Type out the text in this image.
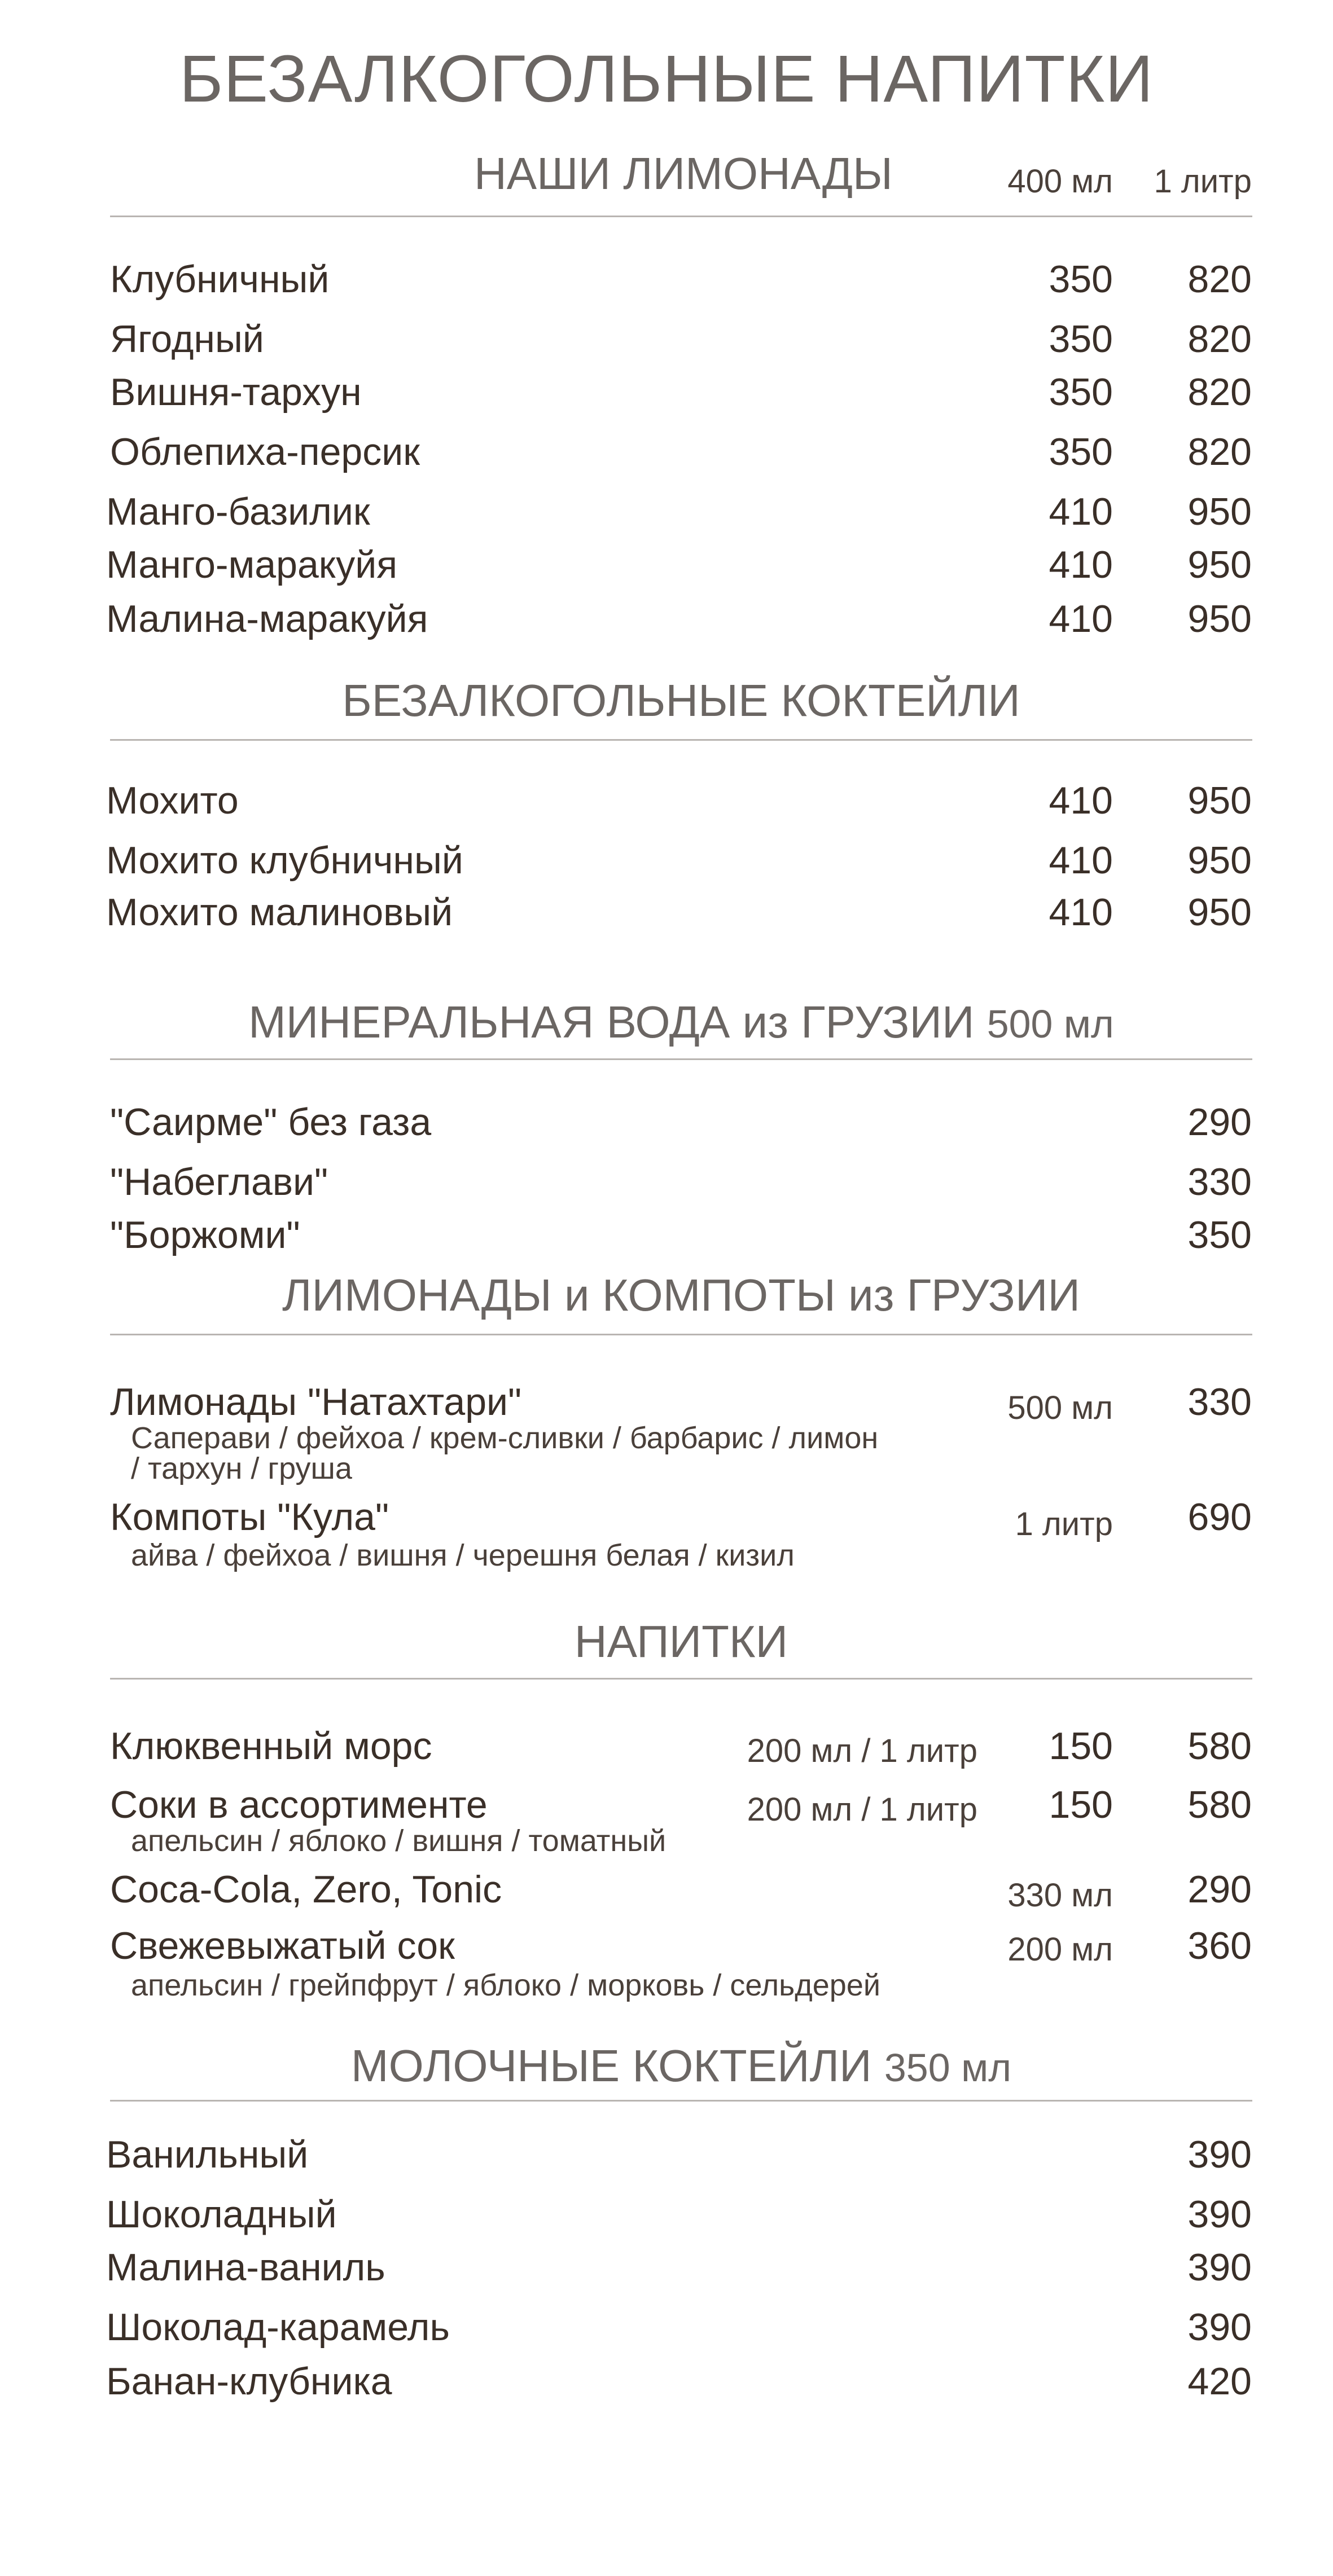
БЕЗАЛКОГОЛЬНЫЕ НАПИТКИ
НАШИ ЛИМОНАДЫ	400 мл	1 литр
Клубничный	350	820
Ягодный	350	820
Вишня-тархун	350	820
Облепиха-персик	350	820
Манго-базилик	410	950
Манго-маракуйя	410	950
Малина-маракуйя	410	950
БЕЗАЛКОГОЛЬНЫЕ КОКТЕЙЛИ
Мохито	410	950
Мохито клубничный	410	950
Мохито малиновый	410	950
МИНЕРАЛЬНАЯ ВОДА из ГРУЗИИ 500 мл
"Саирме" без газа	290
"Набеглави"	330
"Боржоми"	350
ЛИМОНАДЫ и КОМПОТЫ из ГРУЗИИ
Лимонады "Натахтари"	500 мл	330
Саперави / фейхоа / крем-сливки / барбарис / лимон
/ тархун / груша
Компоты "Кула"	1 литр	690
айва / фейхоа / вишня / черешня белая / кизил
НАПИТКИ
Клюквенный морс	200 мл / 1 литр	150	580
Соки в ассортименте	200 мл / 1 литр	150	580
апельсин / яблоко / вишня / томатный
Coca-Cola, Zero, Tonic	330 мл	290
Свежевыжатый сок	200 мл	360
апельсин / грейпфрут / яблоко / морковь / сельдерей
МОЛОЧНЫЕ КОКТЕЙЛИ 350 мл
Ванильный	390
Шоколадный	390
Малина-ваниль	390
Шоколад-карамель	390
Банан-клубника	420
